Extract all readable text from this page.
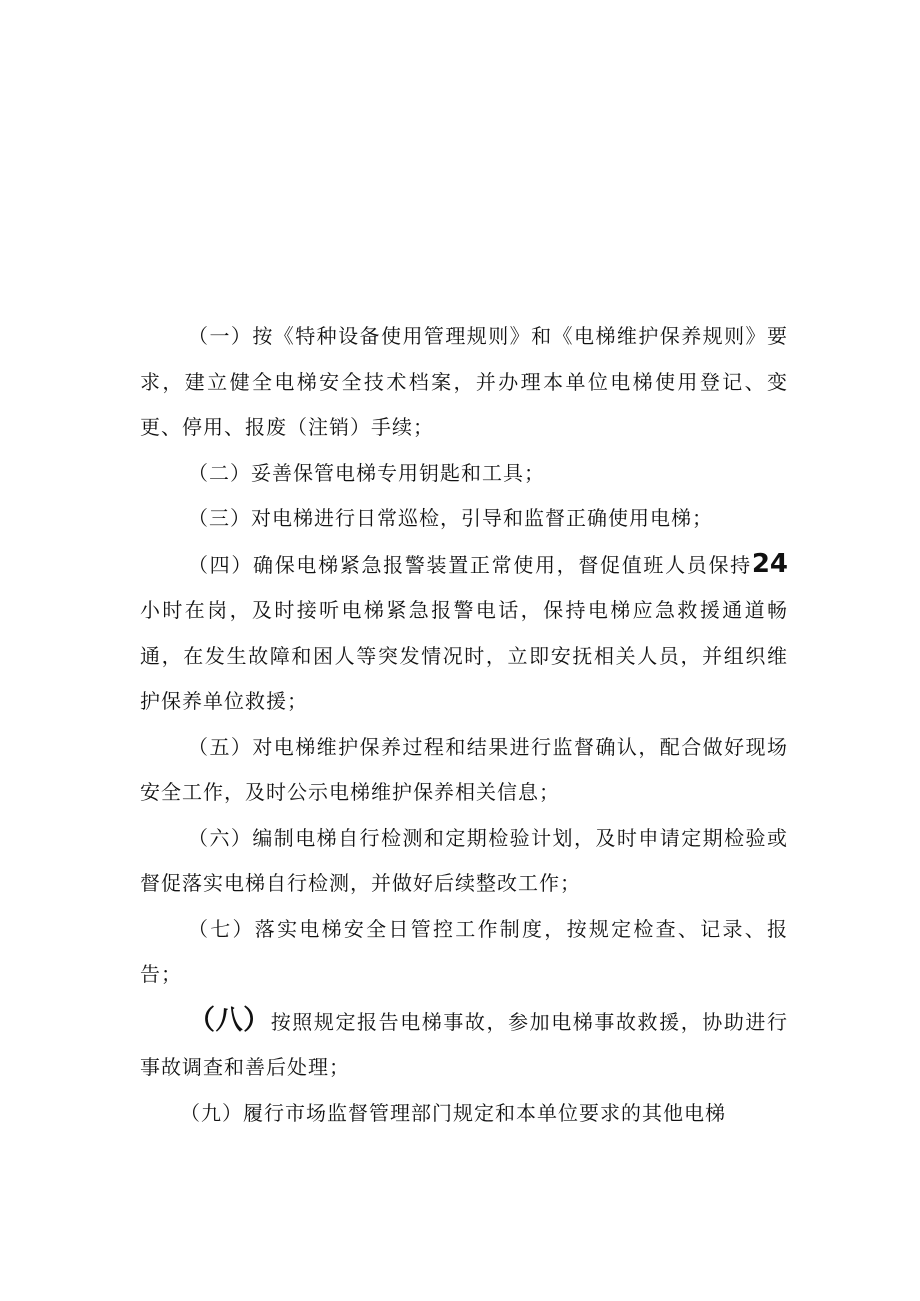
（一）按《特种设备使用管理规则》和《电梯维护保养规则》要求，建立健全电梯安全技术档案，并办理本单位电梯使用登记、变更、停用、报废（注销）手续；

（二）妥善保管电梯专用钥匙和工具；

（三）对电梯进行日常巡检，引导和监督正确使用电梯；

（四）确保电梯紧急报警装置正常使用，督促值班人员保持24小时在岗，及时接听电梯紧急报警电话，保持电梯应急救援通道畅通，在发生故障和困人等突发情况时，立即安抚相关人员，并组织维护保养单位救援；

（五）对电梯维护保养过程和结果进行监督确认，配合做好现场安全工作，及时公示电梯维护保养相关信息；

（六）编制电梯自行检测和定期检验计划，及时申请定期检验或督促落实电梯自行检测，并做好后续整改工作；

（七）落实电梯安全日管控工作制度，按规定检查、记录、报告；

（八）按照规定报告电梯事故，参加电梯事故救援，协助进行事故调查和善后处理；

（九）履行市场监督管理部门规定和本单位要求的其他电梯
